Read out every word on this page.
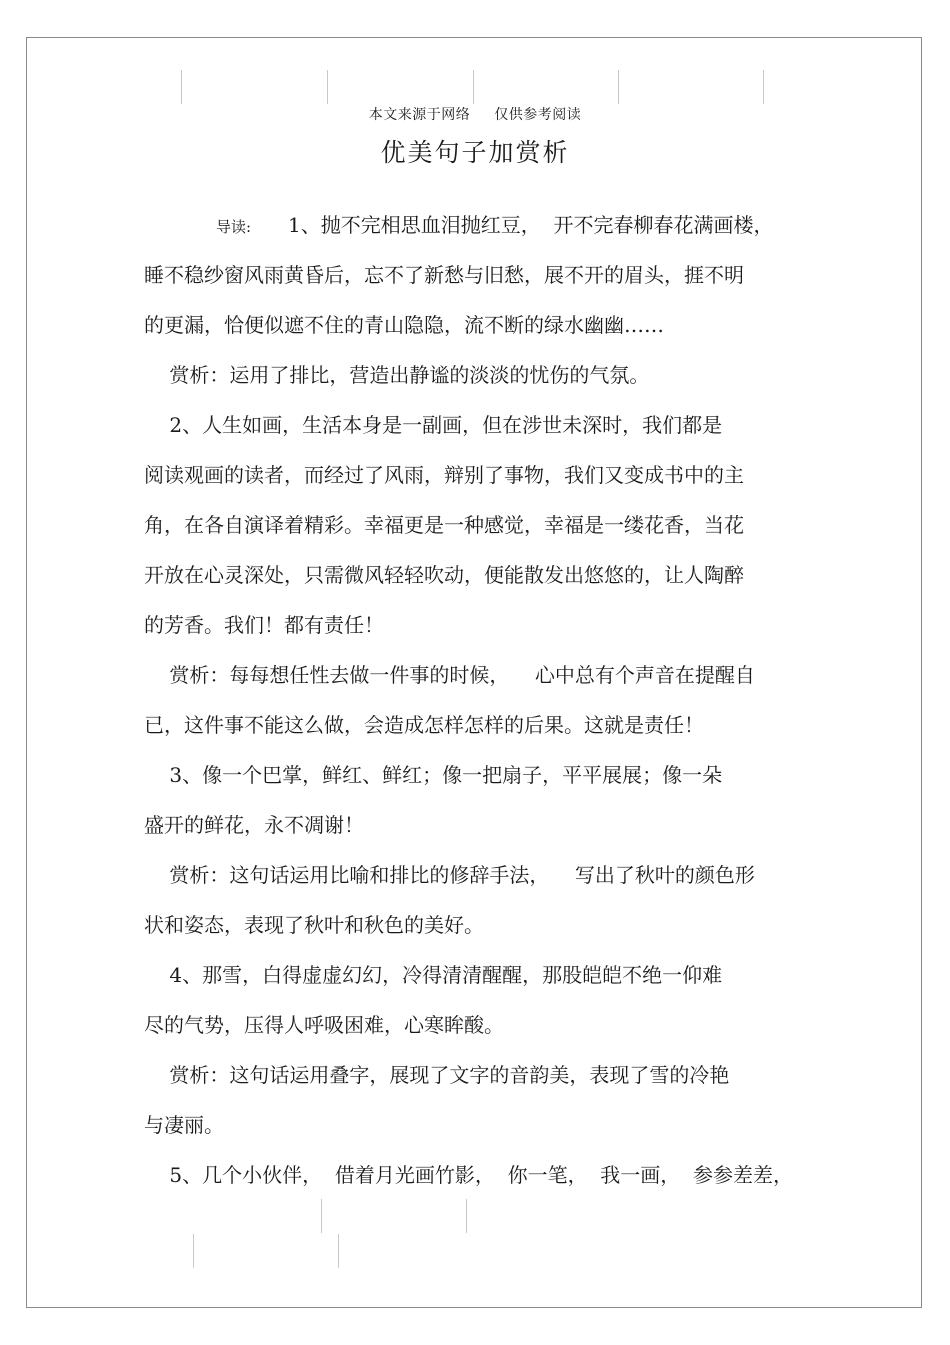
本文来源于网络 仅供参考阅读
优美句子加赏析

导读: 1、抛不完相思血泪抛红豆，  开不完春柳春花满画楼，

睡不稳纱窗风雨黄昏后，忘不了新愁与旧愁，展不开的眉头，捱不明

的更漏，恰便似遮不住的青山隐隐，流不断的绿水幽幽……

赏析：运用了排比，营造出静谧的淡淡的忧伤的气氛。

2、人生如画，生活本身是一副画，但在涉世未深时，我们都是

阅读观画的读者，而经过了风雨，辩别了事物，我们又变成书中的主

角，在各自演译着精彩。幸福更是一种感觉，幸福是一缕花香，当花

开放在心灵深处，只需微风轻轻吹动，便能散发出悠悠的，让人陶醉

的芳香。我们！都有责任！

赏析：每每想任性去做一件事的时候，    心中总有个声音在提醒自

已，这件事不能这么做，会造成怎样怎样的后果。这就是责任！

3、像一个巴掌，鲜红、鲜红；像一把扇子，平平展展；像一朵

盛开的鲜花，永不凋谢！

赏析：这句话运用比喻和排比的修辞手法，    写出了秋叶的颜色形

状和姿态，表现了秋叶和秋色的美好。

4、那雪，白得虚虚幻幻，冷得清清醒醒，那股皑皑不绝一仰难

尽的气势，压得人呼吸困难，心寒眸酸。

赏析：这句话运用叠字，展现了文字的音韵美，表现了雪的冷艳

与凄丽。

5、几个小伙伴，  借着月光画竹影，  你一笔，  我一画，  参参差差，
